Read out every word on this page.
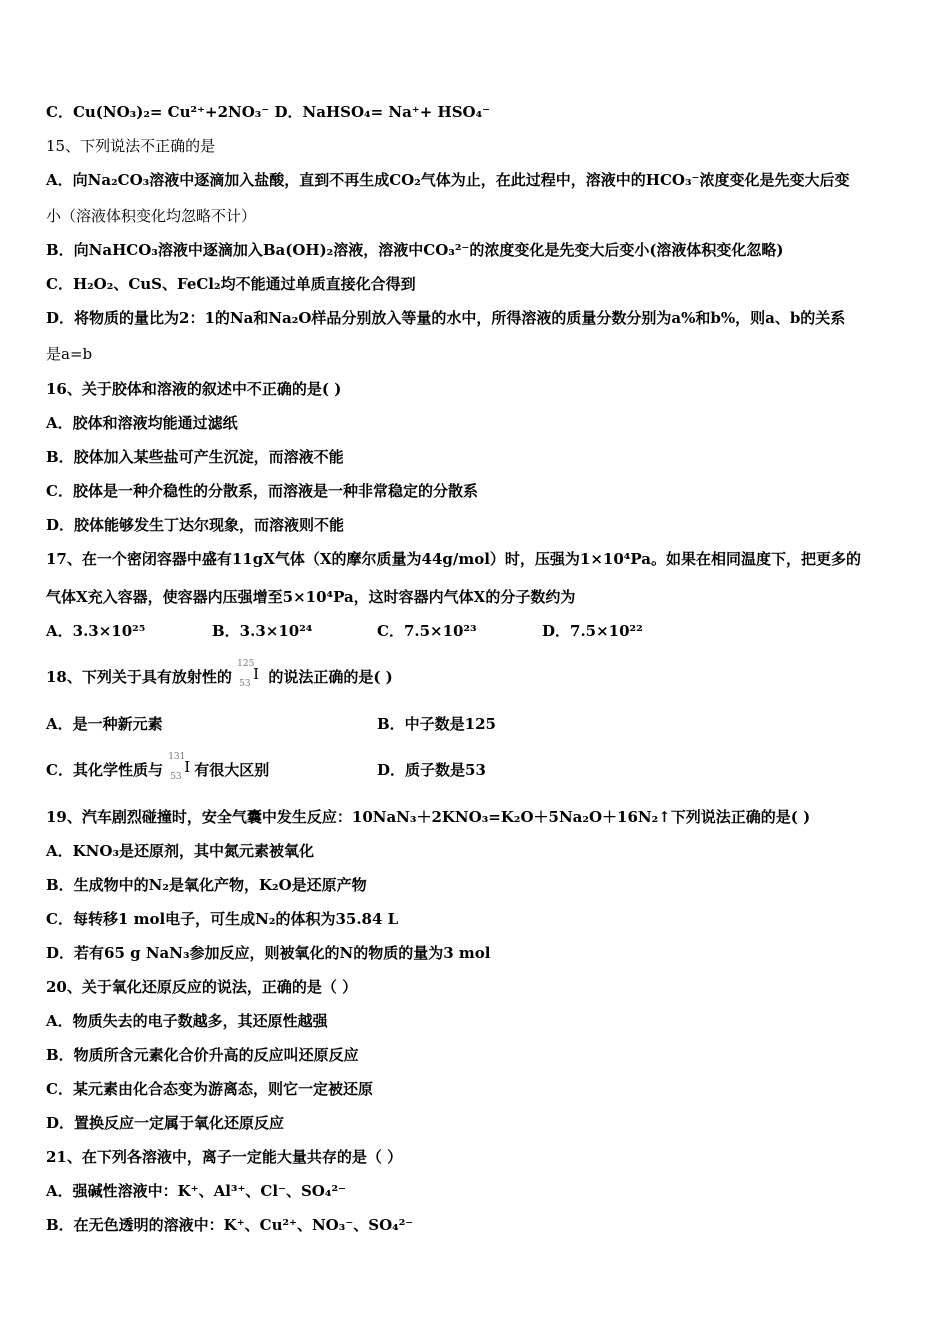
C．Cu(NO₃)₂= Cu²⁺+2NO₃⁻ D．NaHSO₄= Na⁺+ HSO₄⁻
15、下列说法不正确的是
A．向Na₂CO₃溶液中逐滴加入盐酸，直到不再生成CO₂气体为止，在此过程中，溶液中的HCO₃⁻浓度变化是先变大后变
小（溶液体积变化均忽略不计）
B．向NaHCO₃溶液中逐滴加入Ba(OH)₂溶液，溶液中CO₃²⁻的浓度变化是先变大后变小(溶液体积变化忽略)
C．H₂O₂、CuS、FeCl₂均不能通过单质直接化合得到
D．将物质的量比为2：1的Na和Na₂O样品分别放入等量的水中，所得溶液的质量分数分别为a%和b%，则a、b的关系
是a=b
16、关于胶体和溶液的叙述中不正确的是( )
A．胶体和溶液均能通过滤纸
B．胶体加入某些盐可产生沉淀，而溶液不能
C．胶体是一种介稳性的分散系，而溶液是一种非常稳定的分散系
D．胶体能够发生丁达尔现象，而溶液则不能
17、在一个密闭容器中盛有11gX气体（X的摩尔质量为44g/mol）时，压强为1×10⁴Pa。如果在相同温度下，把更多的
气体X充入容器，使容器内压强增至5×10⁴Pa，这时容器内气体X的分子数约为
A．3.3×10²⁵	B．3.3×10²⁴	C．7.5×10²³	D．7.5×10²²
18、下列关于具有放射性的
125
53
I 的说法正确的是( )
A．是一种新元素	B．中子数是125
C．其化学性质与
131
53
I 有很大区别	D．质子数是53
19、汽车剧烈碰撞时，安全气囊中发生反应：10NaN₃＋2KNO₃=K₂O＋5Na₂O＋16N₂↑下列说法正确的是( )
A．KNO₃是还原剂，其中氮元素被氧化
B．生成物中的N₂是氧化产物，K₂O是还原产物
C．每转移1 mol电子，可生成N₂的体积为35.84 L
D．若有65 g NaN₃参加反应，则被氧化的N的物质的量为3 mol
20、关于氧化还原反应的说法，正确的是（ ）
A．物质失去的电子数越多，其还原性越强
B．物质所含元素化合价升高的反应叫还原反应
C．某元素由化合态变为游离态，则它一定被还原
D．置换反应一定属于氧化还原反应
21、在下列各溶液中，离子一定能大量共存的是（ ）
A．强碱性溶液中：K⁺、Al³⁺、Cl⁻、SO₄²⁻
B．在无色透明的溶液中：K⁺、Cu²⁺、NO₃⁻、SO₄²⁻
